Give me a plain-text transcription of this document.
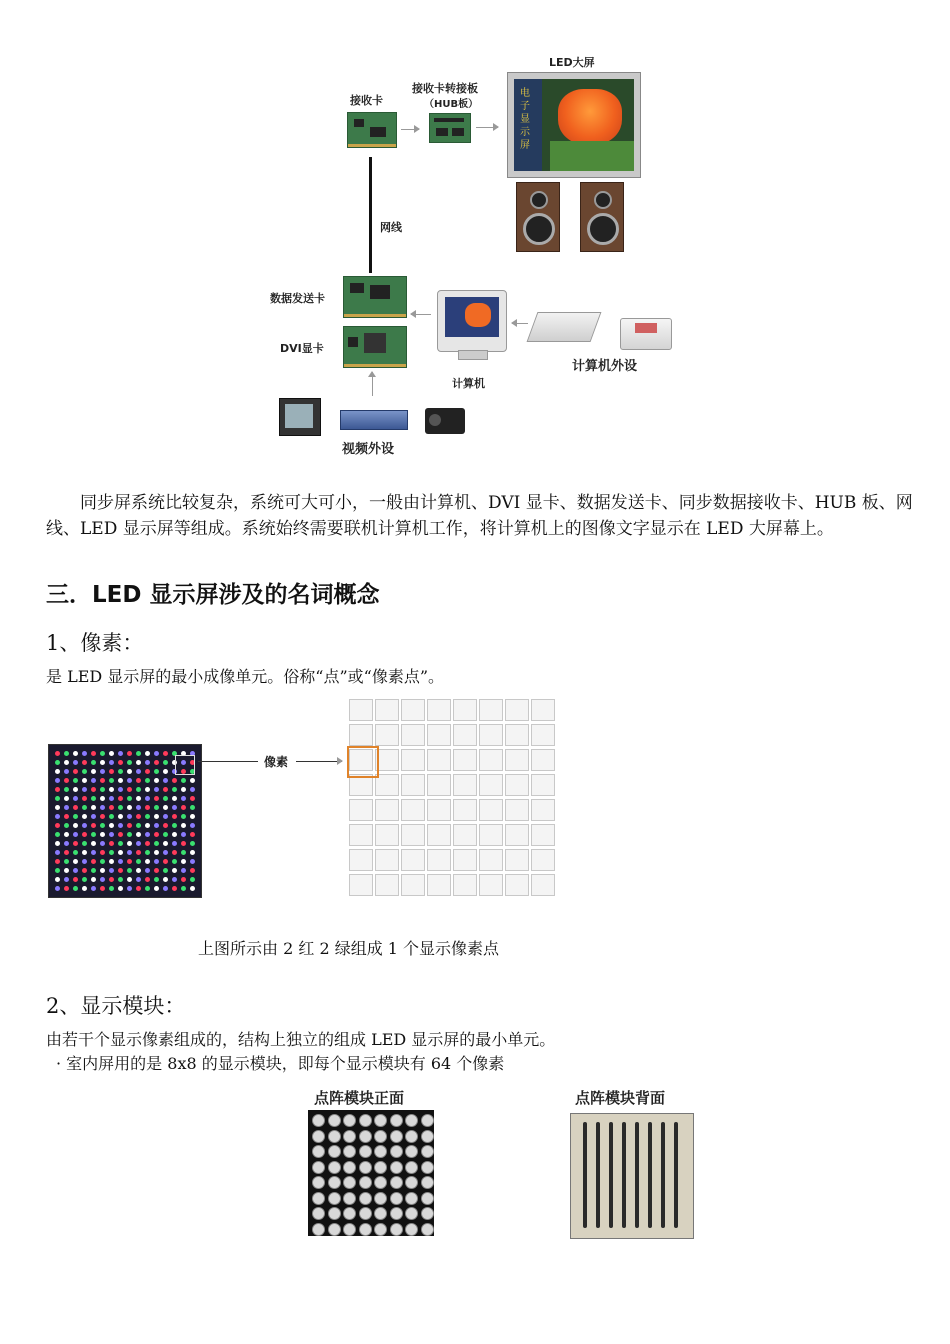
LED大屏
电子显示屏
接收卡
接收卡转接板
（HUB板）
网线
数据发送卡
DVI显卡
计算机
计算机外设
视频外设
同步屏系统比较复杂，系统可大可小，一般由计算机、DVI 显卡、数据发送卡、同步数据接收卡、HUB 板、网线、LED 显示屏等组成。系统始终需要联机计算机工作，将计算机上的图像文字显示在 LED 大屏幕上。
三．LED 显示屏涉及的名词概念
1、像素：
是 LED 显示屏的最小成像单元。俗称“点”或“像素点”。
像素
上图所示由 2 红 2 绿组成 1 个显示像素点
2、显示模块：
由若干个显示像素组成的，结构上独立的组成 LED 显示屏的最小单元。
· 室内屏用的是 8x8 的显示模块，即每个显示模块有 64 个像素
点阵模块正面	点阵模块背面
